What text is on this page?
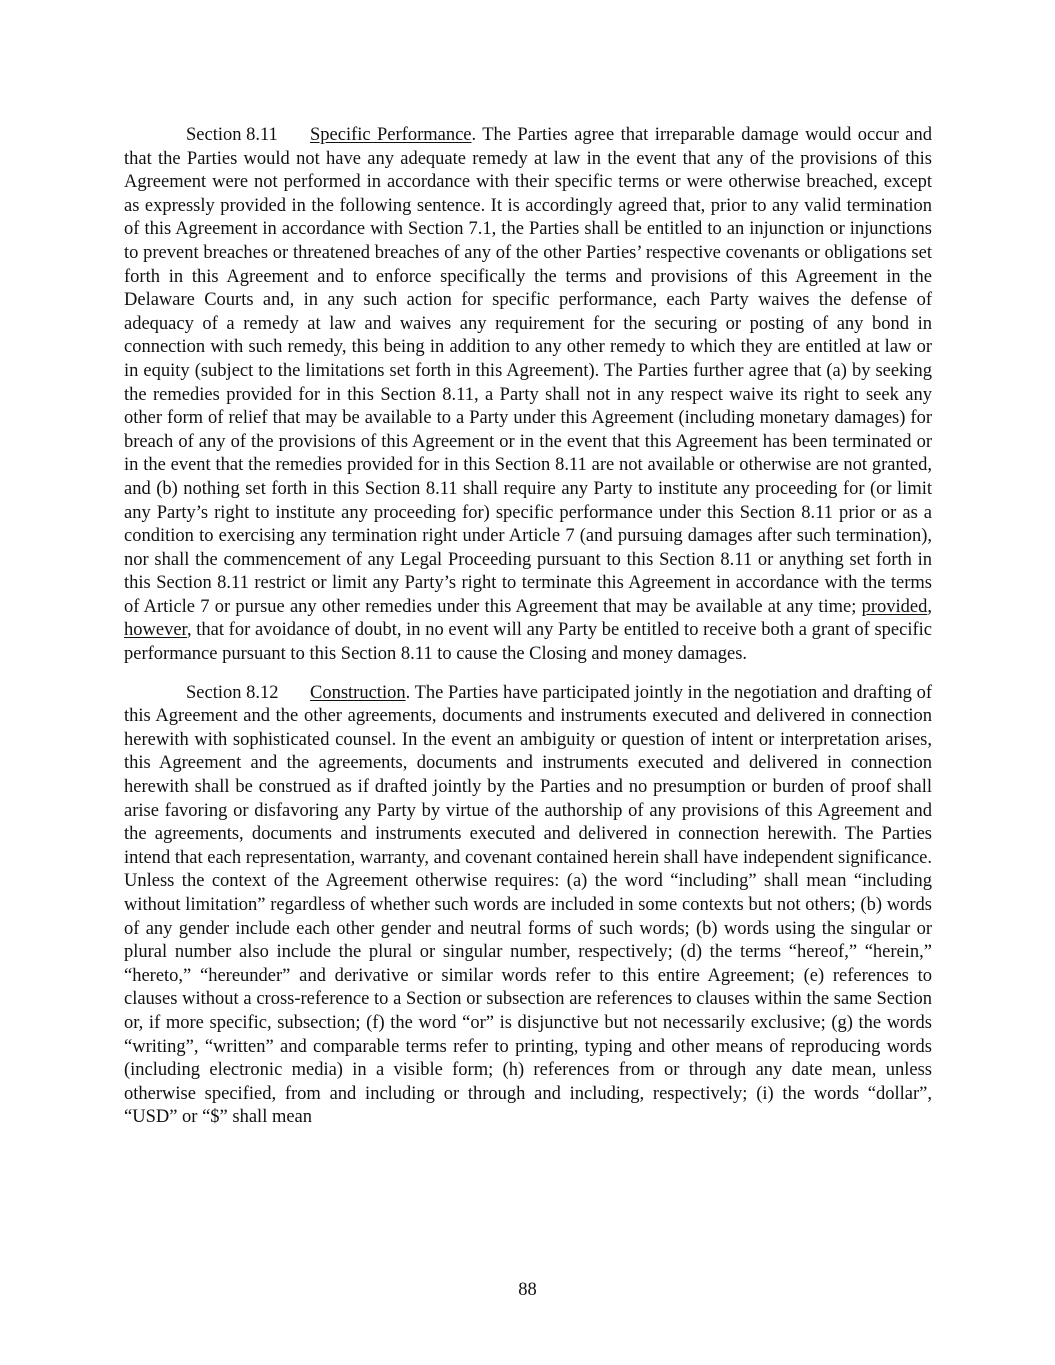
Section 8.11 Specific Performance. The Parties agree that irreparable damage would occur and that the Parties would not have any adequate remedy at law in the event that any of the provisions of this Agreement were not performed in accordance with their specific terms or were otherwise breached, except as expressly provided in the following sentence. It is accordingly agreed that, prior to any valid termination of this Agreement in accordance with Section 7.1, the Parties shall be entitled to an injunction or injunctions to prevent breaches or threatened breaches of any of the other Parties’ respective covenants or obligations set forth in this Agreement and to enforce specifically the terms and provisions of this Agreement in the Delaware Courts and, in any such action for specific performance, each Party waives the defense of adequacy of a remedy at law and waives any requirement for the securing or posting of any bond in connection with such remedy, this being in addition to any other remedy to which they are entitled at law or in equity (subject to the limitations set forth in this Agreement). The Parties further agree that (a) by seeking the remedies provided for in this Section 8.11, a Party shall not in any respect waive its right to seek any other form of relief that may be available to a Party under this Agreement (including monetary damages) for breach of any of the provisions of this Agreement or in the event that this Agreement has been terminated or in the event that the remedies provided for in this Section 8.11 are not available or otherwise are not granted, and (b) nothing set forth in this Section 8.11 shall require any Party to institute any proceeding for (or limit any Party’s right to institute any proceeding for) specific performance under this Section 8.11 prior or as a condition to exercising any termination right under Article 7 (and pursuing damages after such termination), nor shall the commencement of any Legal Proceeding pursuant to this Section 8.11 or anything set forth in this Section 8.11 restrict or limit any Party’s right to terminate this Agreement in accordance with the terms of Article 7 or pursue any other remedies under this Agreement that may be available at any time; provided, however, that for avoidance of doubt, in no event will any Party be entitled to receive both a grant of specific performance pursuant to this Section 8.11 to cause the Closing and money damages.

Section 8.12 Construction. The Parties have participated jointly in the negotiation and drafting of this Agreement and the other agreements, documents and instruments executed and delivered in connection herewith with sophisticated counsel. In the event an ambiguity or question of intent or interpretation arises, this Agreement and the agreements, documents and instruments executed and delivered in connection herewith shall be construed as if drafted jointly by the Parties and no presumption or burden of proof shall arise favoring or disfavoring any Party by virtue of the authorship of any provisions of this Agreement and the agreements, documents and instruments executed and delivered in connection herewith. The Parties intend that each representation, warranty, and covenant contained herein shall have independent significance. Unless the context of the Agreement otherwise requires: (a) the word “including” shall mean “including without limitation” regardless of whether such words are included in some contexts but not others; (b) words of any gender include each other gender and neutral forms of such words; (b) words using the singular or plural number also include the plural or singular number, respectively; (d) the terms “hereof,” “herein,” “hereto,” “hereunder” and derivative or similar words refer to this entire Agreement; (e) references to clauses without a cross-reference to a Section or subsection are references to clauses within the same Section or, if more specific, subsection; (f) the word “or” is disjunctive but not necessarily exclusive; (g) the words “writing”, “written” and comparable terms refer to printing, typing and other means of reproducing words (including electronic media) in a visible form; (h) references from or through any date mean, unless otherwise specified, from and including or through and including, respectively; (i) the words “dollar”, “USD” or “$” shall mean

88
